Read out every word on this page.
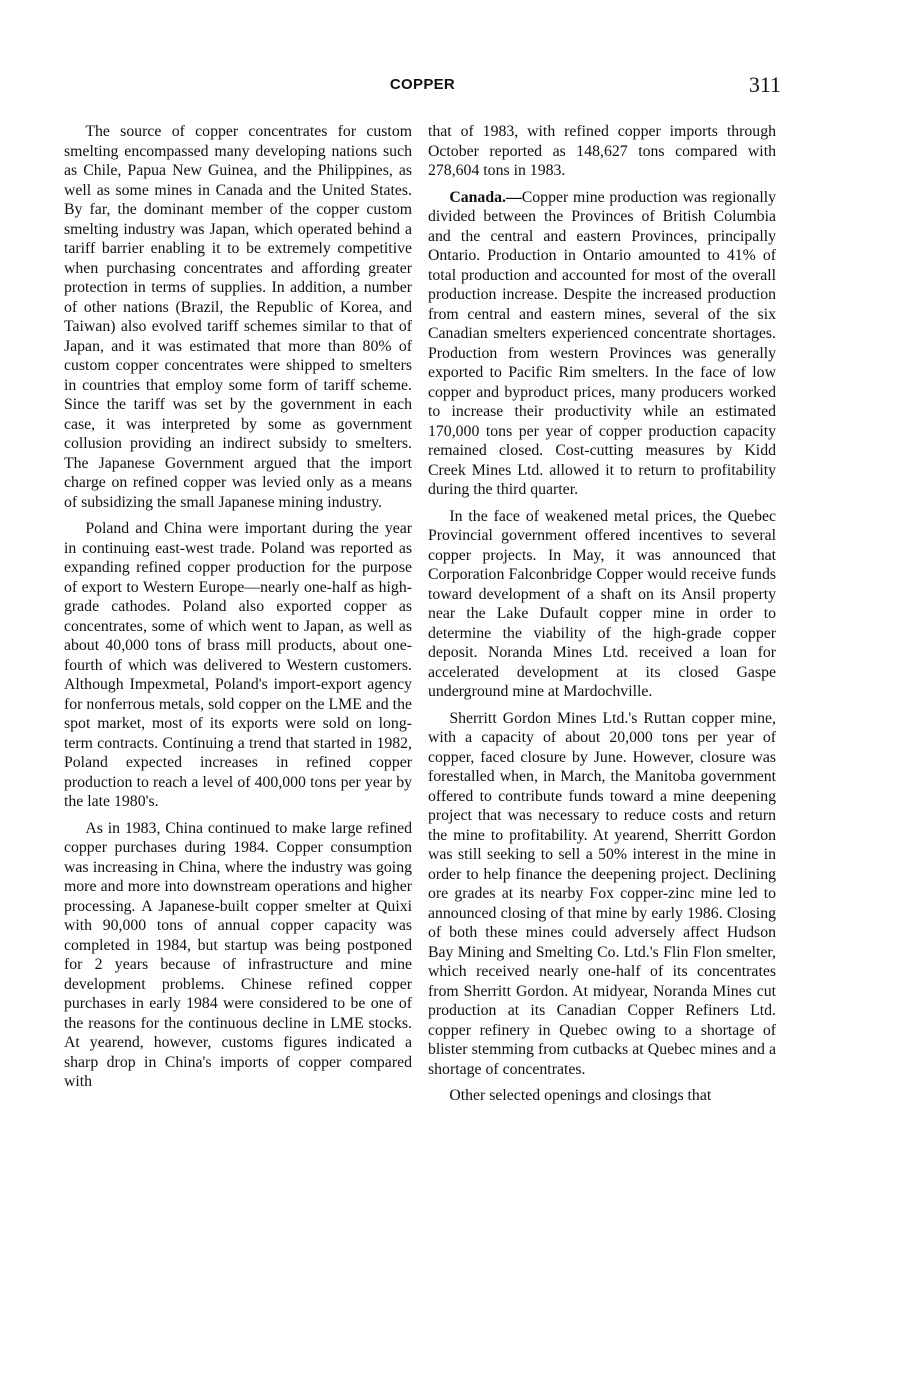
COPPER	311

The source of copper concentrates for custom smelting encompassed many developing nations such as Chile, Papua New Guinea, and the Philippines, as well as some mines in Canada and the United States. By far, the dominant member of the copper custom smelting industry was Japan, which operated behind a tariff barrier enabling it to be extremely competitive when purchasing concentrates and affording greater protection in terms of supplies. In addition, a number of other nations (Brazil, the Republic of Korea, and Taiwan) also evolved tariff schemes similar to that of Japan, and it was estimated that more than 80% of custom copper concentrates were shipped to smelters in countries that employ some form of tariff scheme. Since the tariff was set by the government in each case, it was interpreted by some as government collusion providing an indirect subsidy to smelters. The Japanese Government argued that the import charge on refined copper was levied only as a means of subsidizing the small Japanese mining industry.

Poland and China were important during the year in continuing east-west trade. Poland was reported as expanding refined copper production for the purpose of export to Western Europe—nearly one-half as high-grade cathodes. Poland also exported copper as concentrates, some of which went to Japan, as well as about 40,000 tons of brass mill products, about one-fourth of which was delivered to Western customers. Although Impexmetal, Poland's import-export agency for nonferrous metals, sold copper on the LME and the spot market, most of its exports were sold on long-term contracts. Continuing a trend that started in 1982, Poland expected increases in refined copper production to reach a level of 400,000 tons per year by the late 1980's.

As in 1983, China continued to make large refined copper purchases during 1984. Copper consumption was increasing in China, where the industry was going more and more into downstream operations and higher processing. A Japanese-built copper smelter at Quixi with 90,000 tons of annual copper capacity was completed in 1984, but startup was being postponed for 2 years because of infrastructure and mine development problems. Chinese refined copper purchases in early 1984 were considered to be one of the reasons for the continuous decline in LME stocks. At yearend, however, customs figures indicated a sharp drop in China's imports of copper compared with

that of 1983, with refined copper imports through October reported as 148,627 tons compared with 278,604 tons in 1983.

Canada.—Copper mine production was regionally divided between the Provinces of British Columbia and the central and eastern Provinces, principally Ontario. Production in Ontario amounted to 41% of total production and accounted for most of the overall production increase. Despite the increased production from central and eastern mines, several of the six Canadian smelters experienced concentrate shortages. Production from western Provinces was generally exported to Pacific Rim smelters. In the face of low copper and byproduct prices, many producers worked to increase their productivity while an estimated 170,000 tons per year of copper production capacity remained closed. Cost-cutting measures by Kidd Creek Mines Ltd. allowed it to return to profitability during the third quarter.

In the face of weakened metal prices, the Quebec Provincial government offered incentives to several copper projects. In May, it was announced that Corporation Falconbridge Copper would receive funds toward development of a shaft on its Ansil property near the Lake Dufault copper mine in order to determine the viability of the high-grade copper deposit. Noranda Mines Ltd. received a loan for accelerated development at its closed Gaspe underground mine at Mardochville.

Sherritt Gordon Mines Ltd.'s Ruttan copper mine, with a capacity of about 20,000 tons per year of copper, faced closure by June. However, closure was forestalled when, in March, the Manitoba government offered to contribute funds toward a mine deepening project that was necessary to reduce costs and return the mine to profitability. At yearend, Sherritt Gordon was still seeking to sell a 50% interest in the mine in order to help finance the deepening project. Declining ore grades at its nearby Fox copper-zinc mine led to announced closing of that mine by early 1986. Closing of both these mines could adversely affect Hudson Bay Mining and Smelting Co. Ltd.'s Flin Flon smelter, which received nearly one-half of its concentrates from Sherritt Gordon. At midyear, Noranda Mines cut production at its Canadian Copper Refiners Ltd. copper refinery in Quebec owing to a shortage of blister stemming from cutbacks at Quebec mines and a shortage of concentrates.

Other selected openings and closings that
